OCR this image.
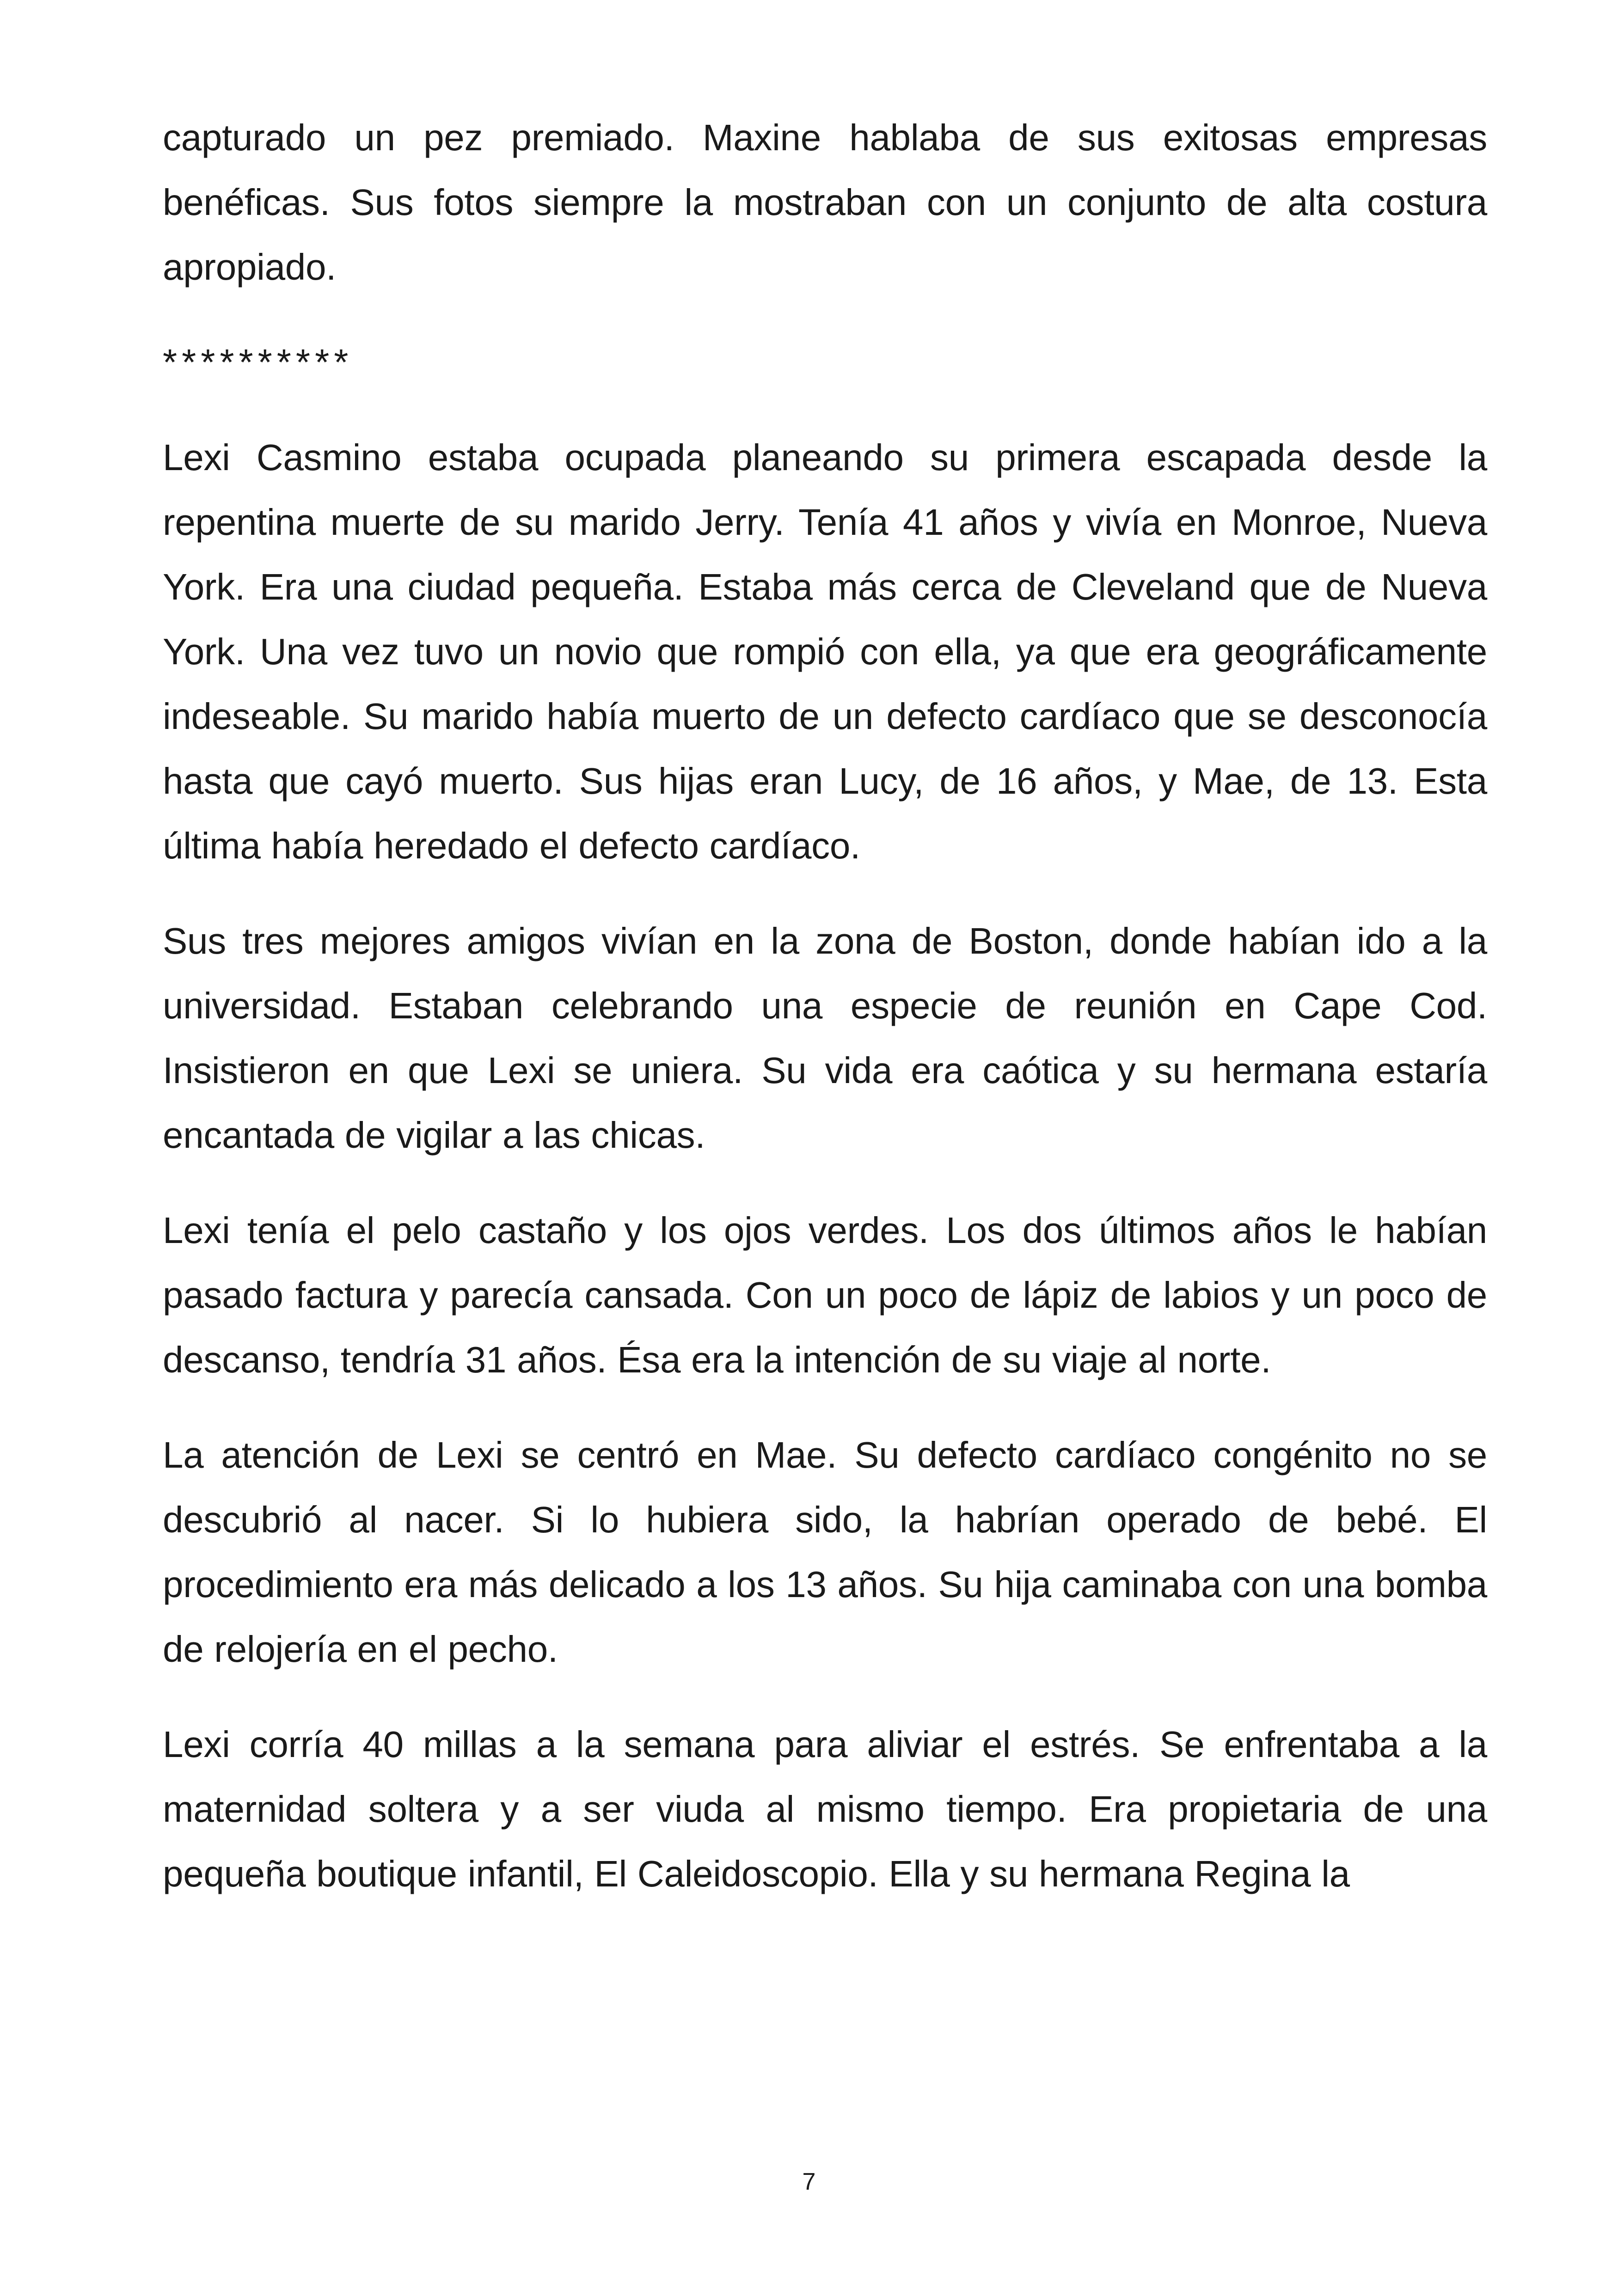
capturado un pez premiado. Maxine hablaba de sus exitosas empresas benéficas. Sus fotos siempre la mostraban con un conjunto de alta costura apropiado.

**********

Lexi Casmino estaba ocupada planeando su primera escapada desde la repentina muerte de su marido Jerry. Tenía 41 años y vivía en Monroe, Nueva York. Era una ciudad pequeña. Estaba más cerca de Cleveland que de Nueva York. Una vez tuvo un novio que rompió con ella, ya que era geográficamente indeseable. Su marido había muerto de un defecto cardíaco que se desconocía hasta que cayó muerto. Sus hijas eran Lucy, de 16 años, y Mae, de 13. Esta última había heredado el defecto cardíaco.

Sus tres mejores amigos vivían en la zona de Boston, donde habían ido a la universidad. Estaban celebrando una especie de reunión en Cape Cod. Insistieron en que Lexi se uniera. Su vida era caótica y su hermana estaría encantada de vigilar a las chicas.

Lexi tenía el pelo castaño y los ojos verdes. Los dos últimos años le habían pasado factura y parecía cansada. Con un poco de lápiz de labios y un poco de descanso, tendría 31 años. Ésa era la intención de su viaje al norte.

La atención de Lexi se centró en Mae. Su defecto cardíaco congénito no se descubrió al nacer. Si lo hubiera sido, la habrían operado de bebé. El procedimiento era más delicado a los 13 años. Su hija caminaba con una bomba de relojería en el pecho.

Lexi corría 40 millas a la semana para aliviar el estrés. Se enfrentaba a la maternidad soltera y a ser viuda al mismo tiempo. Era propietaria de una pequeña boutique infantil, El Caleidoscopio. Ella y su hermana Regina la

7
